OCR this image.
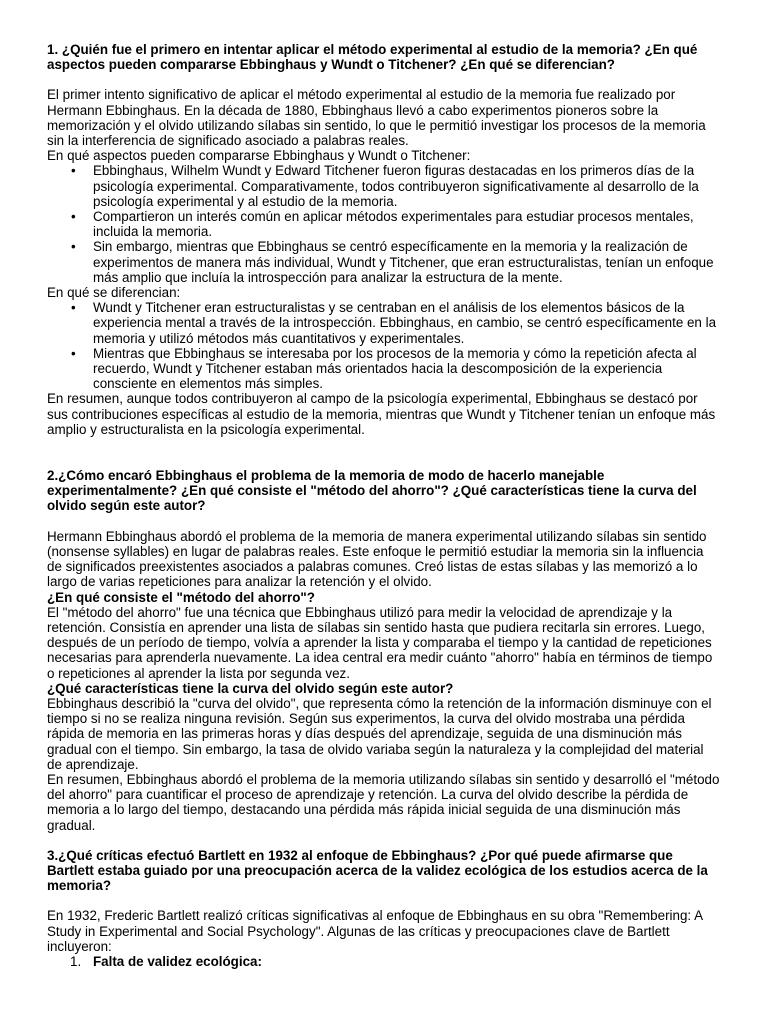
1. ¿Quién fue el primero en intentar aplicar el método experimental al estudio de la memoria? ¿En qué aspectos pueden compararse Ebbinghaus y Wundt o Titchener? ¿En qué se diferencian?

El primer intento significativo de aplicar el método experimental al estudio de la memoria fue realizado por Hermann Ebbinghaus. En la década de 1880, Ebbinghaus llevó a cabo experimentos pioneros sobre la memorización y el olvido utilizando sílabas sin sentido, lo que le permitió investigar los procesos de la memoria sin la interferencia de significado asociado a palabras reales.

En qué aspectos pueden compararse Ebbinghaus y Wundt o Titchener:

• Ebbinghaus, Wilhelm Wundt y Edward Titchener fueron figuras destacadas en los primeros días de la psicología experimental. Comparativamente, todos contribuyeron significativamente al desarrollo de la psicología experimental y al estudio de la memoria.
• Compartieron un interés común en aplicar métodos experimentales para estudiar procesos mentales, incluida la memoria.
• Sin embargo, mientras que Ebbinghaus se centró específicamente en la memoria y la realización de experimentos de manera más individual, Wundt y Titchener, que eran estructuralistas, tenían un enfoque más amplio que incluía la introspección para analizar la estructura de la mente.

En qué se diferencian:

• Wundt y Titchener eran estructuralistas y se centraban en el análisis de los elementos básicos de la experiencia mental a través de la introspección. Ebbinghaus, en cambio, se centró específicamente en la memoria y utilizó métodos más cuantitativos y experimentales.
• Mientras que Ebbinghaus se interesaba por los procesos de la memoria y cómo la repetición afecta al recuerdo, Wundt y Titchener estaban más orientados hacia la descomposición de la experiencia consciente en elementos más simples.

En resumen, aunque todos contribuyeron al campo de la psicología experimental, Ebbinghaus se destacó por sus contribuciones específicas al estudio de la memoria, mientras que Wundt y Titchener tenían un enfoque más amplio y estructuralista en la psicología experimental.

2.¿Cómo encaró Ebbinghaus el problema de la memoria de modo de hacerlo manejable experimentalmente? ¿En qué consiste el "método del ahorro"? ¿Qué características tiene la curva del olvido según este autor?

Hermann Ebbinghaus abordó el problema de la memoria de manera experimental utilizando sílabas sin sentido (nonsense syllables) en lugar de palabras reales. Este enfoque le permitió estudiar la memoria sin la influencia de significados preexistentes asociados a palabras comunes. Creó listas de estas sílabas y las memorizó a lo largo de varias repeticiones para analizar la retención y el olvido.

¿En qué consiste el "método del ahorro"?

El "método del ahorro" fue una técnica que Ebbinghaus utilizó para medir la velocidad de aprendizaje y la retención. Consistía en aprender una lista de sílabas sin sentido hasta que pudiera recitarla sin errores. Luego, después de un período de tiempo, volvía a aprender la lista y comparaba el tiempo y la cantidad de repeticiones necesarias para aprenderla nuevamente. La idea central era medir cuánto "ahorro" había en términos de tiempo o repeticiones al aprender la lista por segunda vez.

¿Qué características tiene la curva del olvido según este autor?

Ebbinghaus describió la "curva del olvido", que representa cómo la retención de la información disminuye con el tiempo si no se realiza ninguna revisión. Según sus experimentos, la curva del olvido mostraba una pérdida rápida de memoria en las primeras horas y días después del aprendizaje, seguida de una disminución más gradual con el tiempo. Sin embargo, la tasa de olvido variaba según la naturaleza y la complejidad del material de aprendizaje.

En resumen, Ebbinghaus abordó el problema de la memoria utilizando sílabas sin sentido y desarrolló el "método del ahorro" para cuantificar el proceso de aprendizaje y retención. La curva del olvido describe la pérdida de memoria a lo largo del tiempo, destacando una pérdida más rápida inicial seguida de una disminución más gradual.

3.¿Qué críticas efectuó Bartlett en 1932 al enfoque de Ebbinghaus? ¿Por qué puede afirmarse que Bartlett estaba guiado por una preocupación acerca de la validez ecológica de los estudios acerca de la memoria?

En 1932, Frederic Bartlett realizó críticas significativas al enfoque de Ebbinghaus en su obra "Remembering: A Study in Experimental and Social Psychology". Algunas de las críticas y preocupaciones clave de Bartlett incluyeron:

1. Falta de validez ecológica:
